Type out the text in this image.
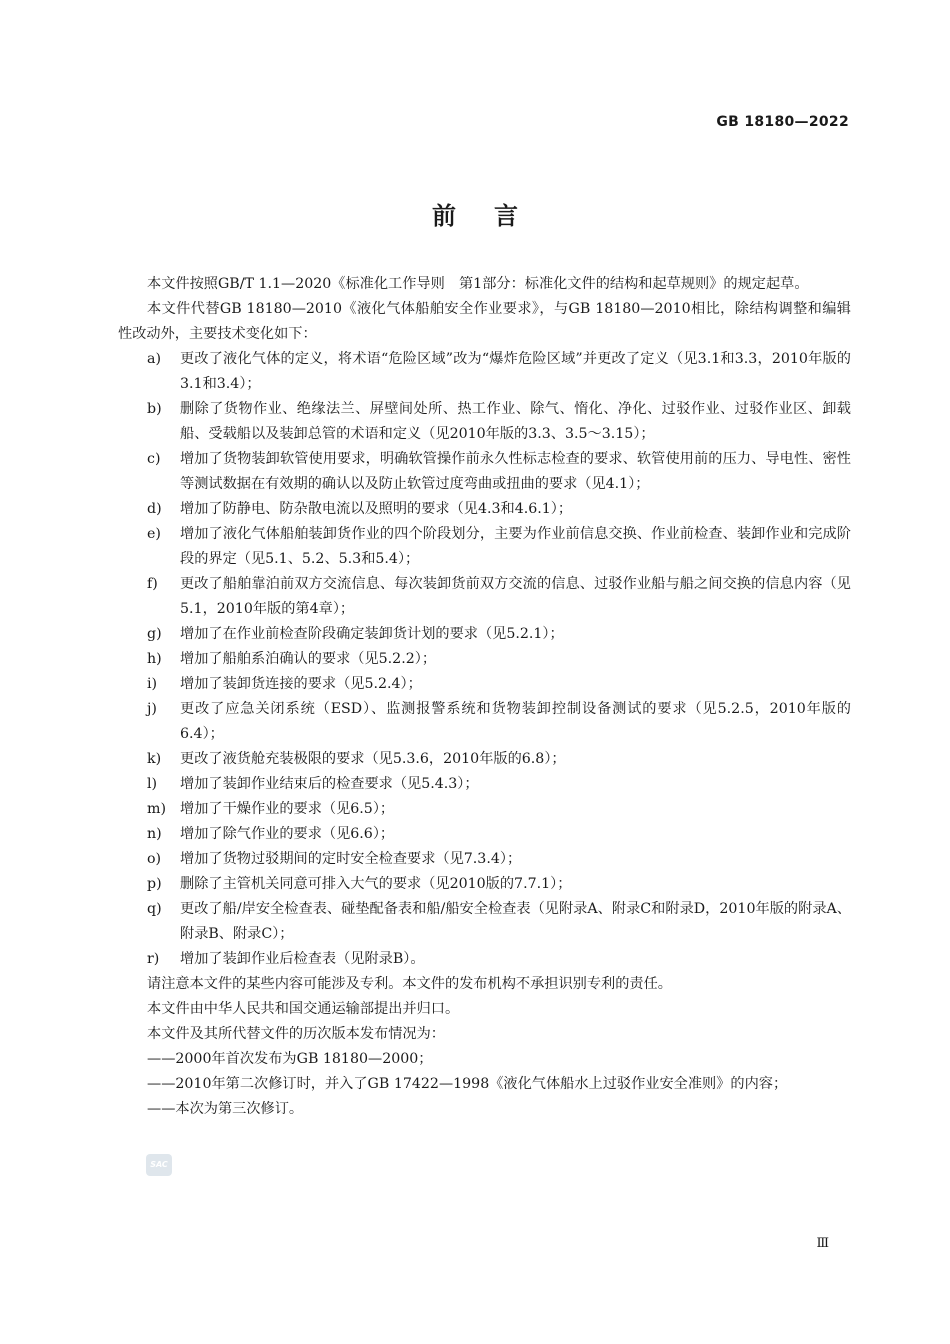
GB 18180—2022
前言

本文件按照GB/T 1.1—2020《标准化工作导则　第1部分：标准化文件的结构和起草规则》的规定起草。

本文件代替GB 18180—2010《液化气体船舶安全作业要求》，与GB 18180—2010相比，除结构调整和编辑性改动外，主要技术变化如下：

a) 更改了液化气体的定义，将术语“危险区域”改为“爆炸危险区域”并更改了定义（见3.1和3.3，2010年版的3.1和3.4）；

b) 删除了货物作业、绝缘法兰、屏壁间处所、热工作业、除气、惰化、净化、过驳作业、过驳作业区、卸载船、受载船以及装卸总管的术语和定义（见2010年版的3.3、3.5～3.15）；

c) 增加了货物装卸软管使用要求，明确软管操作前永久性标志检查的要求、软管使用前的压力、导电性、密性等测试数据在有效期的确认以及防止软管过度弯曲或扭曲的要求（见4.1）；

d) 增加了防静电、防杂散电流以及照明的要求（见4.3和4.6.1）；

e) 增加了液化气体船舶装卸货作业的四个阶段划分，主要为作业前信息交换、作业前检查、装卸作业和完成阶段的界定（见5.1、5.2、5.3和5.4）；

f) 更改了船舶靠泊前双方交流信息、每次装卸货前双方交流的信息、过驳作业船与船之间交换的信息内容（见5.1，2010年版的第4章）；

g) 增加了在作业前检查阶段确定装卸货计划的要求（见5.2.1）；

h) 增加了船舶系泊确认的要求（见5.2.2）；

i) 增加了装卸货连接的要求（见5.2.4）；

j) 更改了应急关闭系统（ESD）、监测报警系统和货物装卸控制设备测试的要求（见5.2.5，2010年版的6.4）；

k) 更改了液货舱充装极限的要求（见5.3.6，2010年版的6.8）；

l) 增加了装卸作业结束后的检查要求（见5.4.3）；

m) 增加了干燥作业的要求（见6.5）；

n) 增加了除气作业的要求（见6.6）；

o) 增加了货物过驳期间的定时安全检查要求（见7.3.4）；

p) 删除了主管机关同意可排入大气的要求（见2010版的7.7.1）；

q) 更改了船/岸安全检查表、碰垫配备表和船/船安全检查表（见附录A、附录C和附录D，2010年版的附录A、附录B、附录C）；

r) 增加了装卸作业后检查表（见附录B）。

请注意本文件的某些内容可能涉及专利。本文件的发布机构不承担识别专利的责任。

本文件由中华人民共和国交通运输部提出并归口。

本文件及其所代替文件的历次版本发布情况为：

——2000年首次发布为GB 18180—2000；

——2010年第二次修订时，并入了GB 17422—1998《液化气体船水上过驳作业安全准则》的内容；

——本次为第三次修订。

SAC
Ⅲ
